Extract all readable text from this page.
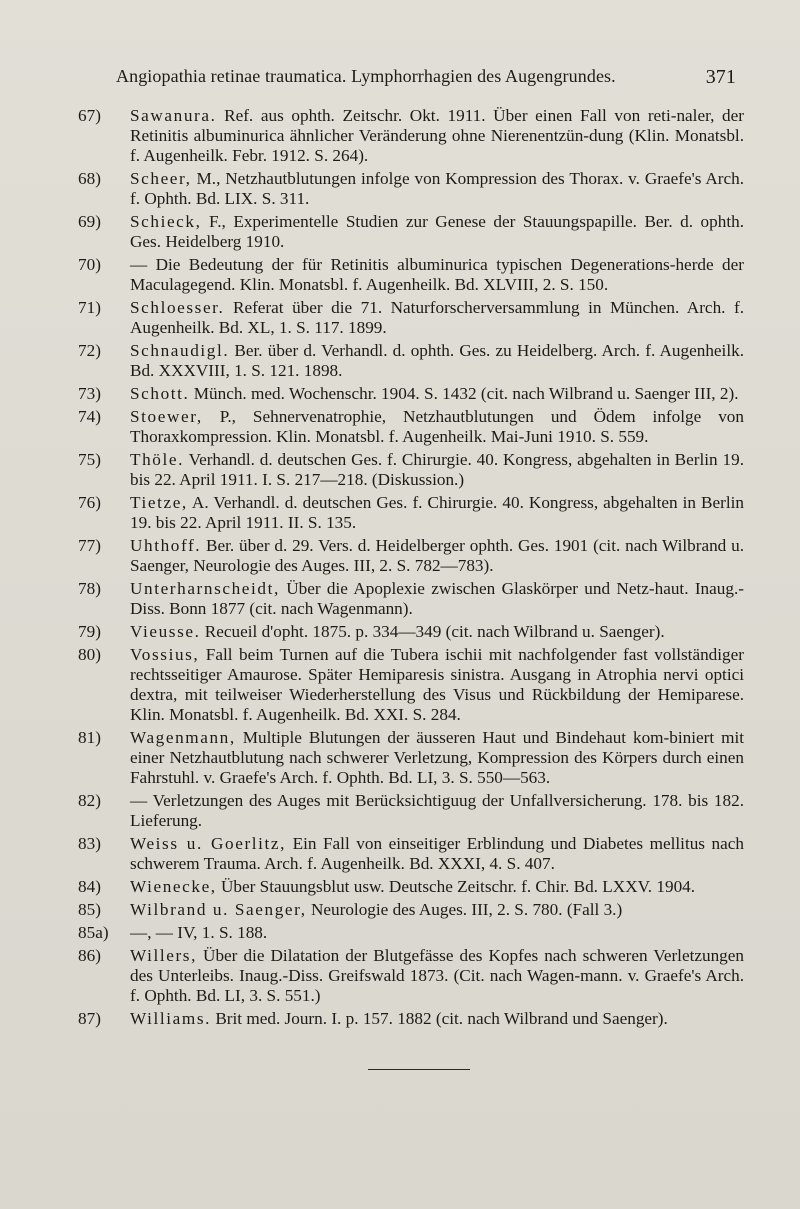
Angiopathia retinae traumatica. Lymphorrhagien des Augengrundes.	371
67)	Sawanura. Ref. aus ophth. Zeitschr. Okt. 1911. Über einen Fall von reti-naler, der Retinitis albuminurica ähnlicher Veränderung ohne Nierenentzün-dung (Klin. Monatsbl. f. Augenheilk. Febr. 1912. S. 264).
68)	Scheer, M., Netzhautblutungen infolge von Kompression des Thorax. v. Graefe's Arch. f. Ophth. Bd. LIX. S. 311.
69)	Schieck, F., Experimentelle Studien zur Genese der Stauungspapille. Ber. d. ophth. Ges. Heidelberg 1910.
70)	— Die Bedeutung der für Retinitis albuminurica typischen Degenerations-herde der Maculagegend. Klin. Monatsbl. f. Augenheilk. Bd. XLVIII, 2. S. 150.
71)	Schloesser. Referat über die 71. Naturforscherversammlung in München. Arch. f. Augenheilk. Bd. XL, 1. S. 117. 1899.
72)	Schnaudigl. Ber. über d. Verhandl. d. ophth. Ges. zu Heidelberg. Arch. f. Augenheilk. Bd. XXXVIII, 1. S. 121. 1898.
73)	Schott. Münch. med. Wochenschr. 1904. S. 1432 (cit. nach Wilbrand u. Saenger III, 2).
74)	Stoewer, P., Sehnervenatrophie, Netzhautblutungen und Ödem infolge von Thoraxkompression. Klin. Monatsbl. f. Augenheilk. Mai-Juni 1910. S. 559.
75)	Thöle. Verhandl. d. deutschen Ges. f. Chirurgie. 40. Kongress, abgehalten in Berlin 19. bis 22. April 1911. I. S. 217—218. (Diskussion.)
76)	Tietze, A. Verhandl. d. deutschen Ges. f. Chirurgie. 40. Kongress, abgehalten in Berlin 19. bis 22. April 1911. II. S. 135.
77)	Uhthoff. Ber. über d. 29. Vers. d. Heidelberger ophth. Ges. 1901 (cit. nach Wilbrand u. Saenger, Neurologie des Auges. III, 2. S. 782—783).
78)	Unterharnscheidt, Über die Apoplexie zwischen Glaskörper und Netz-haut. Inaug.-Diss. Bonn 1877 (cit. nach Wagenmann).
79)	Vieusse. Recueil d'opht. 1875. p. 334—349 (cit. nach Wilbrand u. Saenger).
80)	Vossius, Fall beim Turnen auf die Tubera ischii mit nachfolgender fast vollständiger rechtsseitiger Amaurose. Später Hemiparesis sinistra. Ausgang in Atrophia nervi optici dextra, mit teilweiser Wiederherstellung des Visus und Rückbildung der Hemiparese. Klin. Monatsbl. f. Augenheilk. Bd. XXI. S. 284.
81)	Wagenmann, Multiple Blutungen der äusseren Haut und Bindehaut kom-biniert mit einer Netzhautblutung nach schwerer Verletzung, Kompression des Körpers durch einen Fahrstuhl. v. Graefe's Arch. f. Ophth. Bd. LI, 3. S. 550—563.
82)	— Verletzungen des Auges mit Berücksichtiguug der Unfallversicherung. 178. bis 182. Lieferung.
83)	Weiss u. Goerlitz, Ein Fall von einseitiger Erblindung und Diabetes mellitus nach schwerem Trauma. Arch. f. Augenheilk. Bd. XXXI, 4. S. 407.
84)	Wienecke, Über Stauungsblut usw. Deutsche Zeitschr. f. Chir. Bd. LXXV. 1904.
85)	Wilbrand u. Saenger, Neurologie des Auges. III, 2. S. 780. (Fall 3.)
85a)	—, — IV, 1. S. 188.
86)	Willers, Über die Dilatation der Blutgefässe des Kopfes nach schweren Verletzungen des Unterleibs. Inaug.-Diss. Greifswald 1873. (Cit. nach Wagen-mann. v. Graefe's Arch. f. Ophth. Bd. LI, 3. S. 551.)
87)	Williams. Brit med. Journ. I. p. 157. 1882 (cit. nach Wilbrand und Saenger).
